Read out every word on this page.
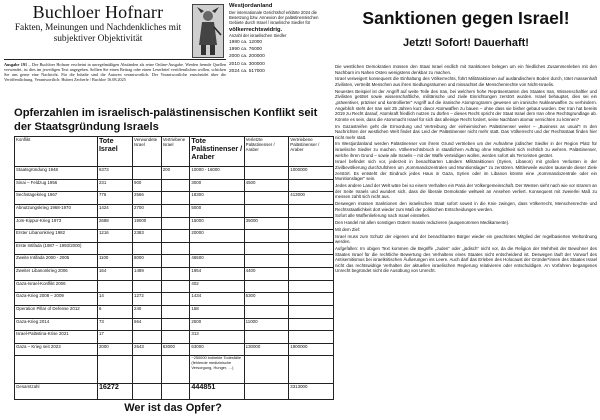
Buchloer Hofnarr
Fakten, Meinungen und Nachdenkliches mit
subjektiver Objektivität
Ausgabe 191 – Der Buchloer Hofnarr erscheint in unregelmäßigen Abständen als reine Online-Ausgabe. Werden fremde Quellen verwendet, ist dies im jeweiligen Text angegeben. Sollten Sie einen Beitrag oder einen Leserbrief veröffentlichen wollen, schicken Sie uns gerne eine Nachricht. Für die Inhalte sind die Autoren verantwortlich. Der Verantwortliche entscheidet über die Veröffentlichung. Verantwortlich: Hubert Zecherle / Buchloe 16.08.2025
Westjordanland
Der internationale Gerichtshof erklärte 2024 die Besetzung bzw. Annexion der palästinensischen Gebiete durch Israel / israelische Siedler für
völkerrechtswidrig.
Anzahl der israelischen Siedler
1980 ca. 12000
1990 ca. 76000
2000 ca. 200000
2010 ca. 300000
2024 ca. 517000
Sanktionen gegen Israel!
Jetzt! Sofort! Dauerhaft!
Opferzahlen im israelisch-palästinensischen Konflikt seit der Staatsgründung Israels
Konflikt	Tote Israel	Verwundete Israel	Vertriebene Israel	Tote Palästinenser / Araber	Verletzte Palästinenser / Araber	Vertriebene Palästinenser / Araber
Staatsgründung 1948	6373		200	10000 - 16000		1000000
Sinai – Feldzug 1956	231	900		3000	4500	
Sechstagekrieg 1967	776	2566		18300		413000
Abnutzungskrieg 1968-1970	1424	2700		5000		
Jom-Kippur-Krieg 1973	2688	19000		15000	35000	
Erster Libanonkrieg 1982	1216	2383		20000		
Erste Intifada (1987 – 1993/2000)						
Zweite Intifada 2000 - 2005	1100	8000		46500		
Zweiter Libanonkrieg 2006	164	1489		1954	4400	
Gaza-Israel-Konflikt 2006				402		
Gaza-Krieg 2008 – 2009	14	1272		1434	5300	
Operation Pillar of Defense 2012	6	240		158		
Gaza-Krieg 2014	73	664		2500	11000	
Israel-Palästina-Krise 2021	17			313		
Gaza – Krieg seit 2023	2000	2643	63000	63000	130000	1900000
				~250000 indirekte Todesfälle (fehlende medizinische Versorgung, Hunger, …)		
Gesamtzahl	16272			444851		3313000
Wer ist das Opfer?

Die westlichen Demokratien müssen den Staat Israel endlich mit Sanktionen belegen um ein friedliches Zusammenleben mit den Nachbarn im Nahen Osten wenigstens denkbar zu machen.

Israel verweigert konsequent die Einhaltung des Völkerrechts, führt Militäraktionen auf ausländischem Boden durch, tötet massenhaft Zivilisten, vertreibt Menschen aus ihren Siedlungsräumen und missachtet die Menschenrechte von Nicht-Israelis.

Neuestes Beispiel ist der Angriff auf weite Teile des Iran, bei welchem hohe Repräsentanten des Staates Iran, Wissenschaftler und Zivilisten getötet sowie wissenschaftliche, militärische und zivile Einrichtungen zerstört wurden. Israel behauptet, dies sei ein „präventiver, präziser und kontrollierter“ Angriff auf die iranische Atomprogramm gewesen um iranische Nuklearwaffen zu verhindern. Angeblich steht der Iran seit 25 Jahren kurz davor Atomwaffen zu bauen – ohne dass sie bisher gebaut wurden. Der Iran hat bereits 2019 zu Recht darauf, Atomkraft friedlich nutzen zu dürfen – dieses Recht spricht der Staat Israel dem Iran ohne Rechtsgrundlage ab. Könnte es sein, dass die Atommacht Israel für sich das alleinige Recht fordert, seine Nachbarn atomar vernichten zu können?

Im Gazastreifen geht die Ermordung und Vertreibung der einheimischen Palästinenser weiter – „Business as usual“! In den Nachrichten der westlichen Welt findet das Leid der Palästinenser nicht mehr statt. Das Völkerrecht und der Rechtsstaat finden hier nicht mehr statt.

Im Westjordanland werden Palästinenser von ihrem Grund vertrieben um der Aufnahme jüdischer Siedler in der Region Platz für israelische Siedler zu machen. Völkerrechtsbruch in staatlichem Auftrag ohne Möglichkeit sich rechtlich zu wehren. Palästinenser, welche ihren Grund – sowie alle Israelis – mit der Waffe verteidigen wollen, werden sofort als Terroristen getötet.

Israel befindet sich vor, jederzeit in benachbarten Ländern Militäraktionen (Syrien, Libanon) mit großen Verlusten in der Zivilbevölkerung durchzuführen um „Kommandozentralen und Munitionslager“ zu zerstören. Mittlerweile wurden tausende dieser Ziele zerstört. Es entsteht der Eindruck jedes Haus in Gaza, Syrien oder im Libanon könnte eine „Kommandozentrale oder ein Munitionslager“ sein.

Jedes andere Land der Welt wäre bei so einem Verhalten ein Paria der Völkergemeinschaft. Der Westen sieht nach wie vor stramm an der Seite Israels und wundert sich, dass die liberale Demokratie weltweit an Ansehen verliert. Konsequent mit zweierlei Maß zu messen zahlt sich nicht aus.

Deswegen müssen Sanktionen den israelischen Staat sofort soweit in die Knie zwingen, dass Völkerrecht, Menschenrechte und Rechtsstaatlichkeit dort wieder zum Maß der politischen Entscheidungen werden.

Sofort alle Waffenlieferung nach Israel einstellen.

Den Handel mit allen sonstigen Gütern massiv reduzieren (ausgenommen Medikamente).

Mit dem Ziel:

Israel muss zum Schutz der eigenen und der benachbarten Bürger wieder ein geachtetes Mitglied der regelbasierten Weltordnung werden.

Aufgefallen: Im obigen Text kommen die Begriffe „Juden“ oder „jüdisch“ nicht vor, da die Religion der Mehrheit der Bewohner des Staates Israel für die rechtliche Bewertung des Verhaltens eines Staates nicht entscheidend ist. Deswegen läuft der Vorwurf des Antisemitismus bei israelkritischen Äußerungen ins Leere. Auch darf das Erleben des Holocaust der Gründer*innen des Staates Israel nicht das rechtswidrige Verhalten der aktuellen israelischen Regierung relativieren oder entschuldigen. An Vorfahren begangenes Unrecht begründet nicht die Ausübung von Unrecht.
